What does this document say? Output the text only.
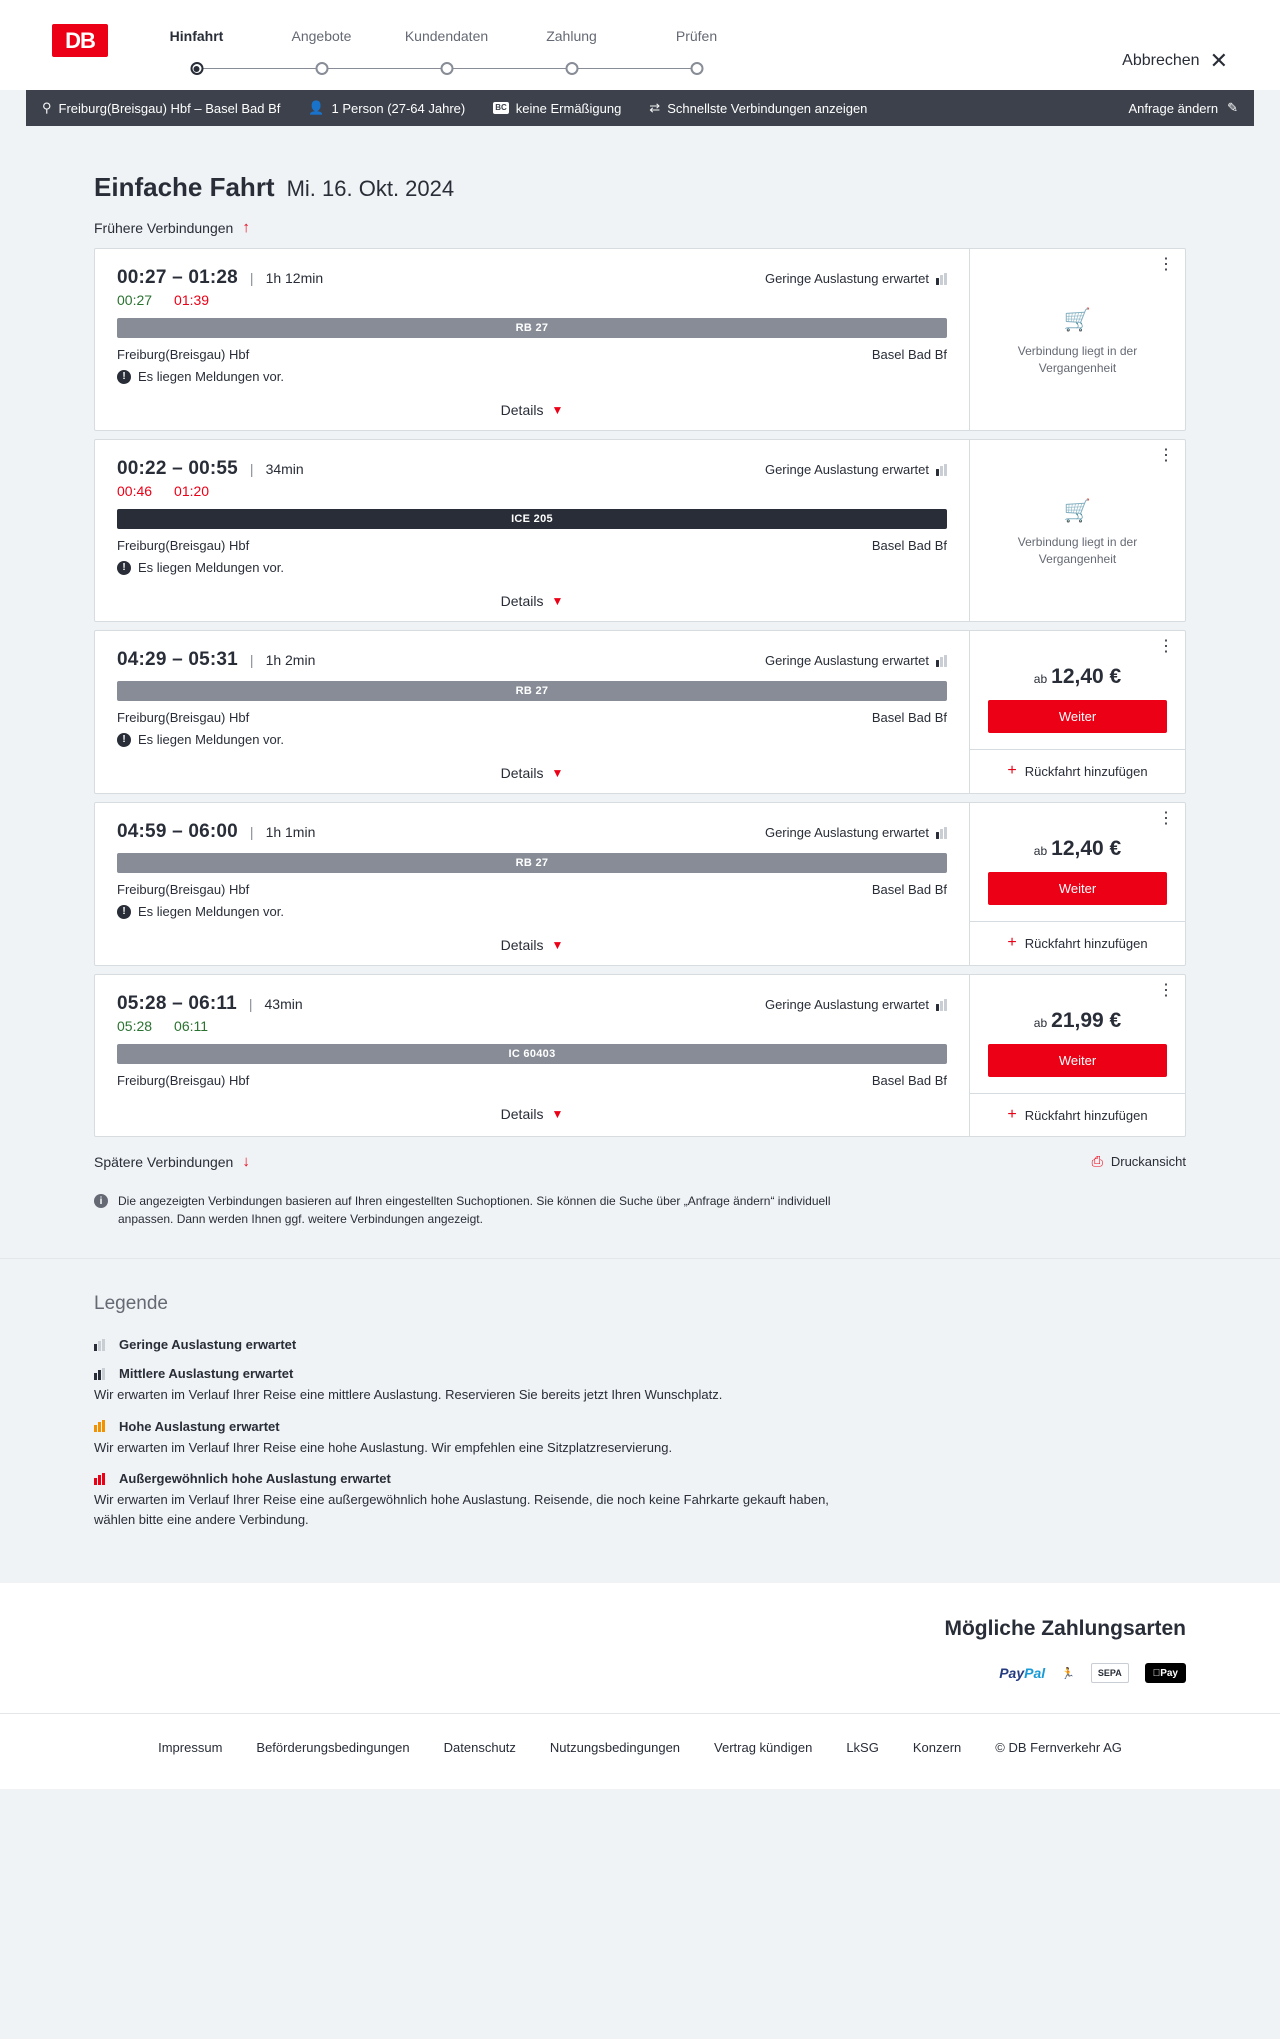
DB	Hinfahrt	Angebote	Kundendaten	Zahlung	Prüfen
Abbrechen ✕
⚲ Freiburg(Breisgau) Hbf – Basel Bad Bf 👤 1 Person (27-64 Jahre)	BC keine Ermäßigung ⇄ Schnellste Verbindungen anzeigen	Anfrage ändern ✎
Einfache Fahrt Mi. 16. Okt. 2024
Frühere Verbindungen ↑
00:27 – 01:28 | 1h 12min	Geringe Auslastung erwartet
00:27 01:39
RB 27
Freiburg(Breisgau) Hbf	Basel Bad Bf
! Es liegen Meldungen vor.
Details ▼
⋮
🛒
Verbindung liegt in der Vergangenheit
00:22 – 00:55 | 34min	Geringe Auslastung erwartet
00:46 01:20
ICE 205
Freiburg(Breisgau) Hbf	Basel Bad Bf
! Es liegen Meldungen vor.
Details ▼
⋮
🛒
Verbindung liegt in der Vergangenheit
04:29 – 05:31 | 1h 2min	Geringe Auslastung erwartet
RB 27
Freiburg(Breisgau) Hbf	Basel Bad Bf
! Es liegen Meldungen vor.
Details ▼
⋮
ab 12,40 €
Weiter
+ Rückfahrt hinzufügen
04:59 – 06:00 | 1h 1min	Geringe Auslastung erwartet
RB 27
Freiburg(Breisgau) Hbf	Basel Bad Bf
! Es liegen Meldungen vor.
Details ▼
⋮
ab 12,40 €
Weiter
+ Rückfahrt hinzufügen
05:28 – 06:11 | 43min	Geringe Auslastung erwartet
05:28 06:11
IC 60403
Freiburg(Breisgau) Hbf	Basel Bad Bf
Details ▼
⋮
ab 21,99 €
Weiter
+ Rückfahrt hinzufügen
Spätere Verbindungen ↓	⎙ Druckansicht
i	Die angezeigten Verbindungen basieren auf Ihren eingestellten Suchoptionen. Sie können die Suche über „Anfrage ändern“ individuell anpassen. Dann werden Ihnen ggf. weitere Verbindungen angezeigt.
Legende
Geringe Auslastung erwartet
Mittlere Auslastung erwartet
Wir erwarten im Verlauf Ihrer Reise eine mittlere Auslastung. Reservieren Sie bereits jetzt Ihren Wunschplatz.
Hohe Auslastung erwartet
Wir erwarten im Verlauf Ihrer Reise eine hohe Auslastung. Wir empfehlen eine Sitzplatzreservierung.
Außergewöhnlich hohe Auslastung erwartet
Wir erwarten im Verlauf Ihrer Reise eine außergewöhnlich hohe Auslastung. Reisende, die noch keine Fahrkarte gekauft haben, wählen bitte eine andere Verbindung.
Mögliche Zahlungsarten
Pay Pal	🏃	SEPA	Pay
Impressum	Beförderungsbedingungen	Datenschutz	Nutzungsbedingungen	Vertrag kündigen	LkSG	Konzern	© DB Fernverkehr AG
